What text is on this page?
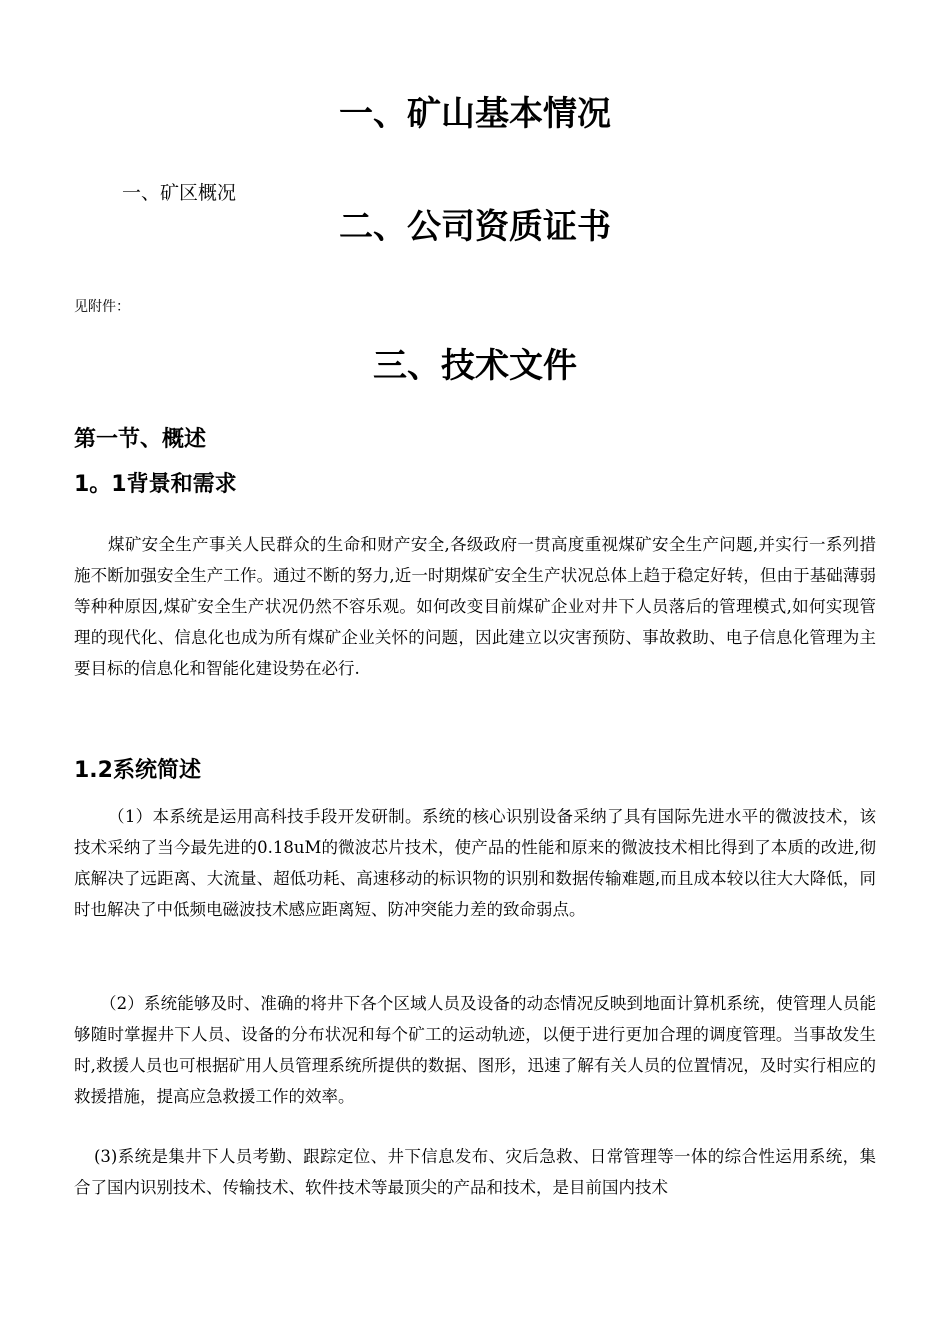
一、矿山基本情况

一、矿区概况

二、公司资质证书

见附件：

三、技术文件
第一节、概述
1。1背景和需求

煤矿安全生产事关人民群众的生命和财产安全,各级政府一贯高度重视煤矿安全生产问题,并实行一系列措施不断加强安全生产工作。通过不断的努力,近一时期煤矿安全生产状况总体上趋于稳定好转，但由于基础薄弱等种种原因,煤矿安全生产状况仍然不容乐观。如何改变目前煤矿企业对井下人员落后的管理模式,如何实现管理的现代化、信息化也成为所有煤矿企业关怀的问题，因此建立以灾害预防、事故救助、电子信息化管理为主要目标的信息化和智能化建设势在必行.

1.2系统简述

（1）本系统是运用高科技手段开发研制。系统的核心识别设备采纳了具有国际先进水平的微波技术，该技术采纳了当今最先进的0.18uM的微波芯片技术，使产品的性能和原来的微波技术相比得到了本质的改进,彻底解决了远距离、大流量、超低功耗、高速移动的标识物的识别和数据传输难题,而且成本较以往大大降低，同时也解决了中低频电磁波技术感应距离短、防冲突能力差的致命弱点。

（2）系统能够及时、准确的将井下各个区域人员及设备的动态情况反映到地面计算机系统，使管理人员能够随时掌握井下人员、设备的分布状况和每个矿工的运动轨迹，以便于进行更加合理的调度管理。当事故发生时,救援人员也可根据矿用人员管理系统所提供的数据、图形，迅速了解有关人员的位置情况，及时实行相应的救援措施，提高应急救援工作的效率。

(3)系统是集井下人员考勤、跟踪定位、井下信息发布、灾后急救、日常管理等一体的综合性运用系统，集合了国内识别技术、传输技术、软件技术等最顶尖的产品和技术，是目前国内技术
